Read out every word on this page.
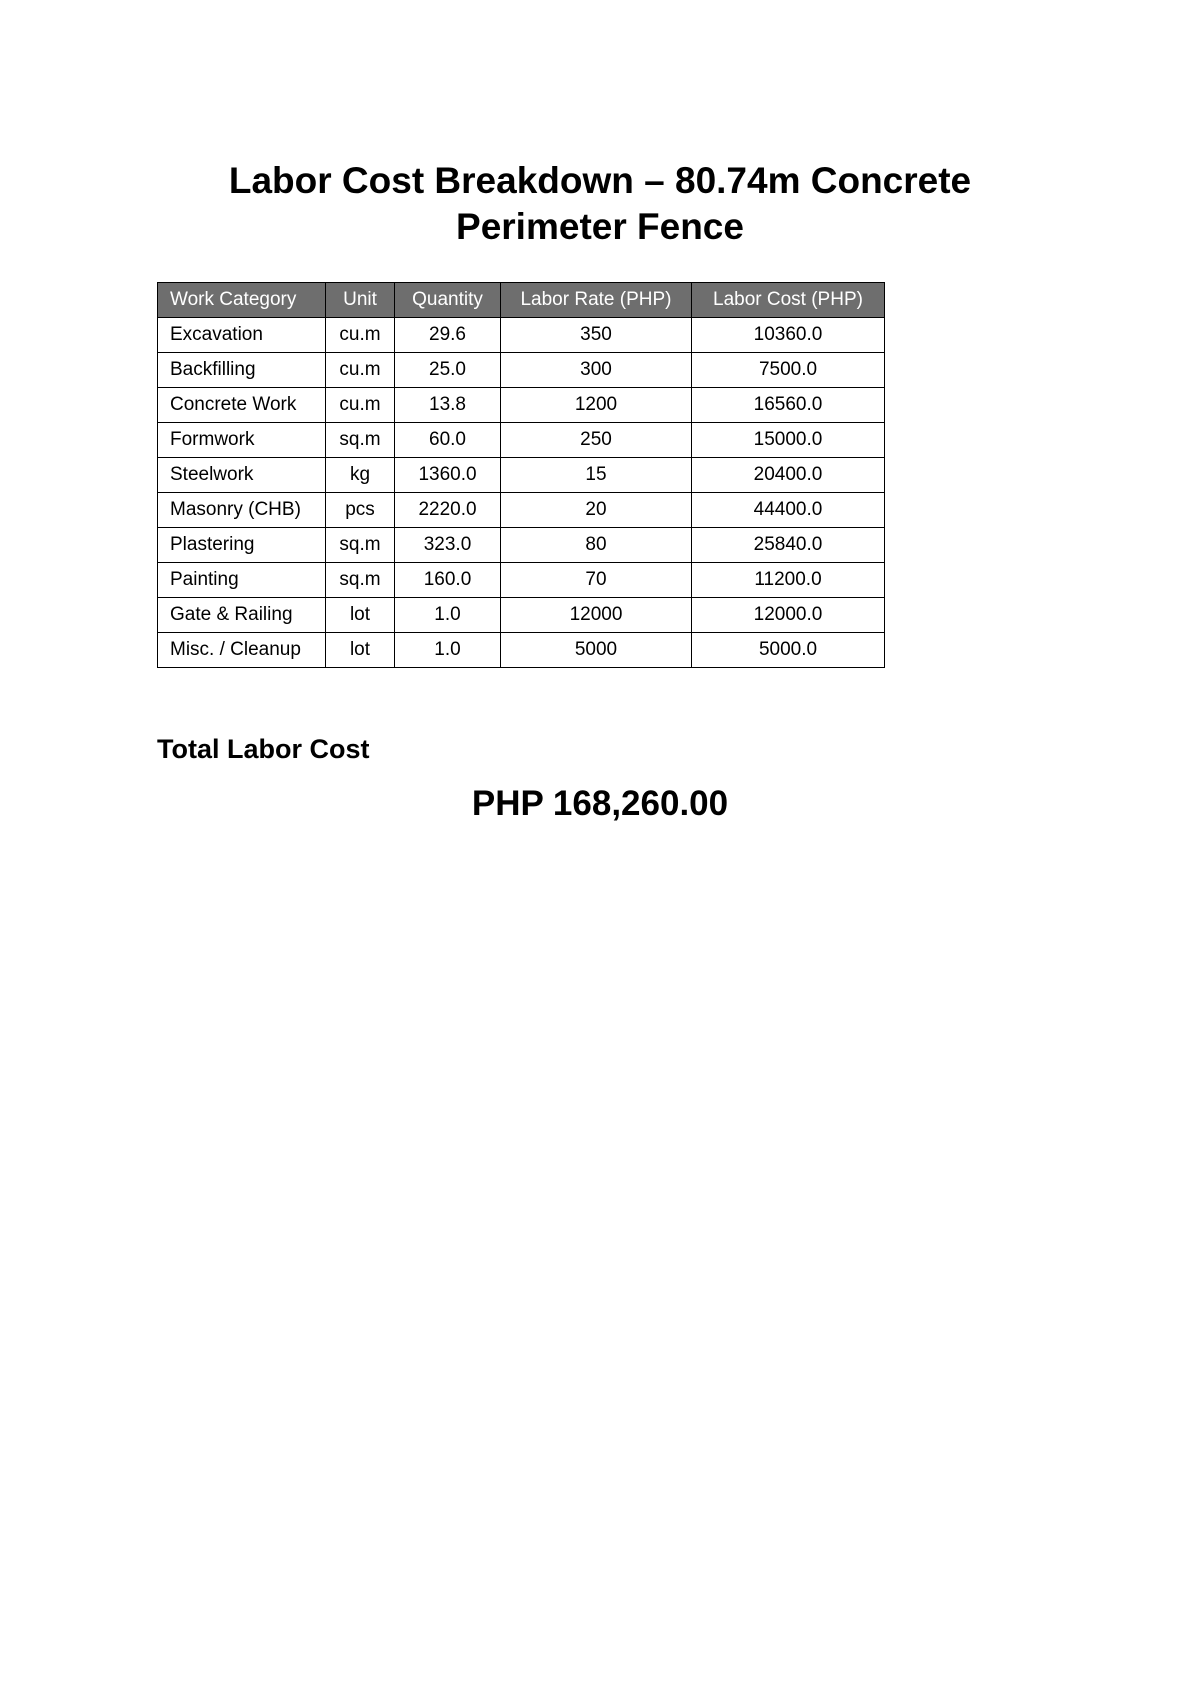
Labor Cost Breakdown – 80.74m Concrete
Perimeter Fence
Work Category	Unit	Quantity	Labor Rate (PHP)	Labor Cost (PHP)
Excavation	cu.m	29.6	350	10360.0
Backfilling	cu.m	25.0	300	7500.0
Concrete Work	cu.m	13.8	1200	16560.0
Formwork	sq.m	60.0	250	15000.0
Steelwork	kg	1360.0	15	20400.0
Masonry (CHB)	pcs	2220.0	20	44400.0
Plastering	sq.m	323.0	80	25840.0
Painting	sq.m	160.0	70	11200.0
Gate & Railing	lot	1.0	12000	12000.0
Misc. / Cleanup	lot	1.0	5000	5000.0
Total Labor Cost
PHP 168,260.00
